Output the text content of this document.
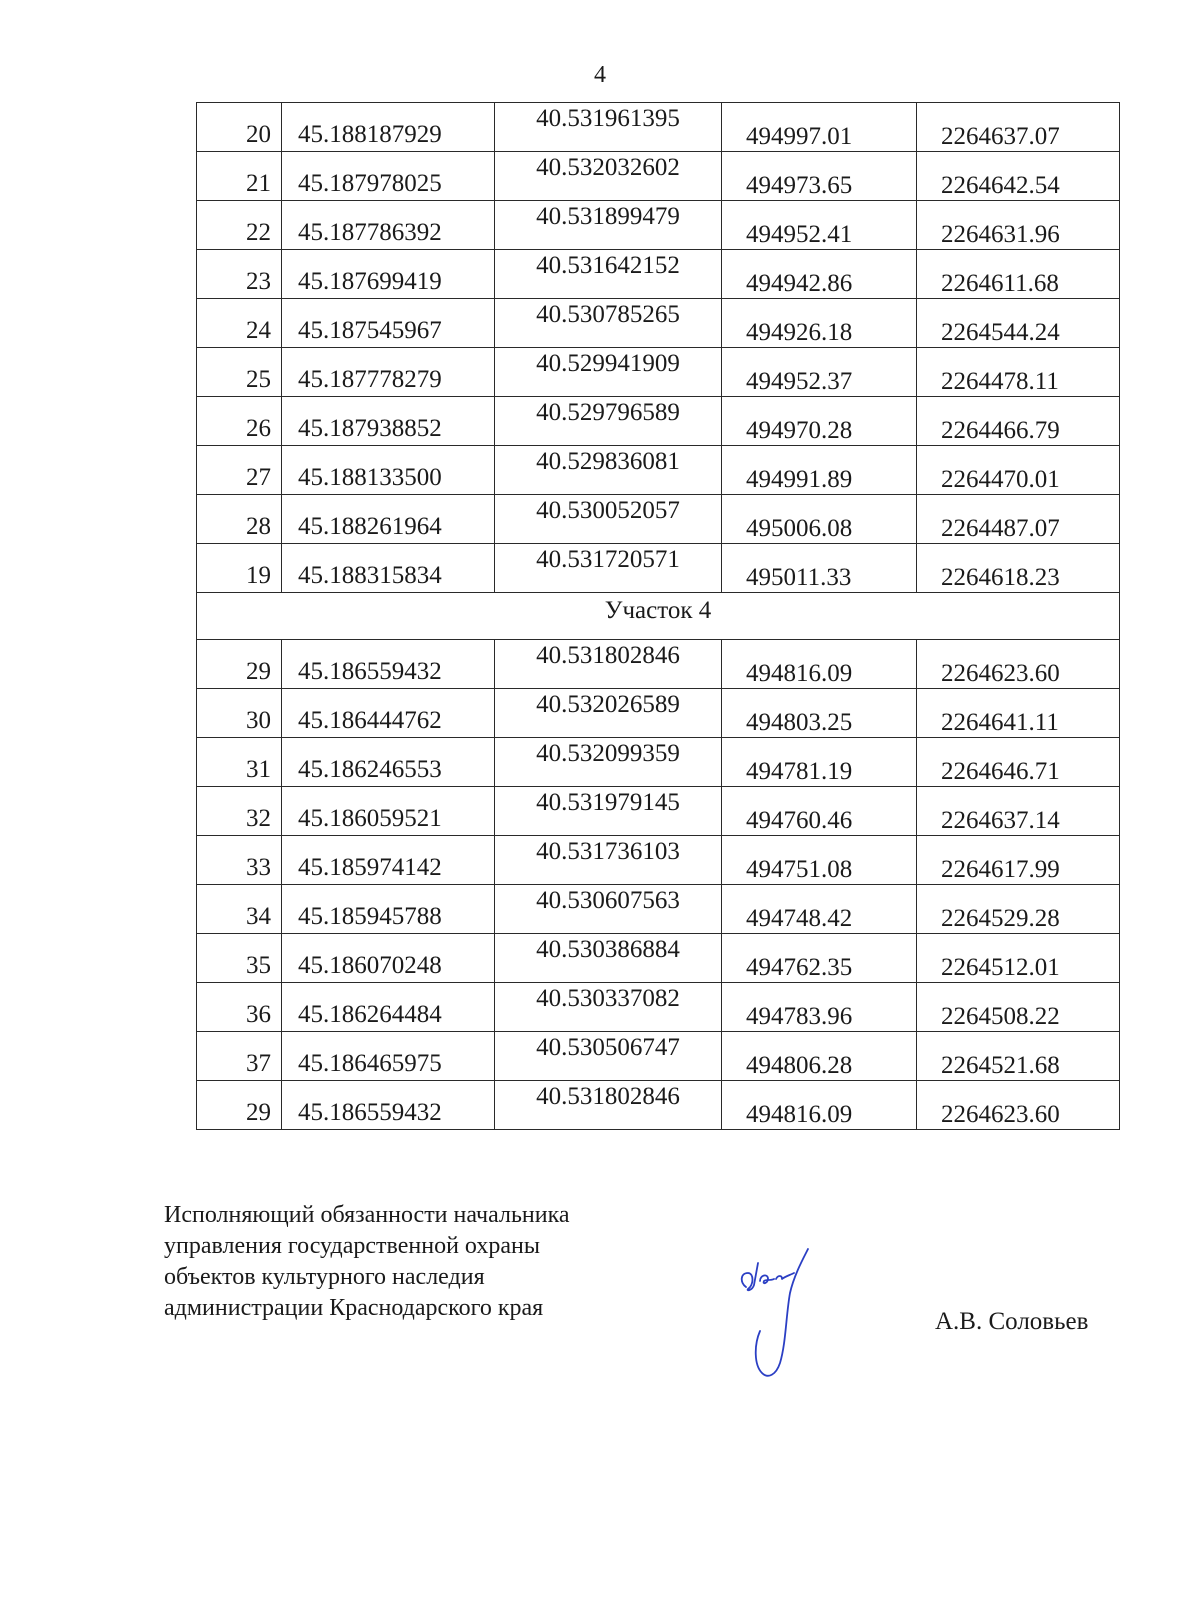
4
20	45.188187929	40.531961395	494997.01	2264637.07
21	45.187978025	40.532032602	494973.65	2264642.54
22	45.187786392	40.531899479	494952.41	2264631.96
23	45.187699419	40.531642152	494942.86	2264611.68
24	45.187545967	40.530785265	494926.18	2264544.24
25	45.187778279	40.529941909	494952.37	2264478.11
26	45.187938852	40.529796589	494970.28	2264466.79
27	45.188133500	40.529836081	494991.89	2264470.01
28	45.188261964	40.530052057	495006.08	2264487.07
19	45.188315834	40.531720571	495011.33	2264618.23
Участок 4				
29	45.186559432	40.531802846	494816.09	2264623.60
30	45.186444762	40.532026589	494803.25	2264641.11
31	45.186246553	40.532099359	494781.19	2264646.71
32	45.186059521	40.531979145	494760.46	2264637.14
33	45.185974142	40.531736103	494751.08	2264617.99
34	45.185945788	40.530607563	494748.42	2264529.28
35	45.186070248	40.530386884	494762.35	2264512.01
36	45.186264484	40.530337082	494783.96	2264508.22
37	45.186465975	40.530506747	494806.28	2264521.68
29	45.186559432	40.531802846	494816.09	2264623.60
Исполняющий обязанности начальника
управления государственной охраны
объектов культурного наследия
администрации Краснодарского края	А.В. Соловьев
